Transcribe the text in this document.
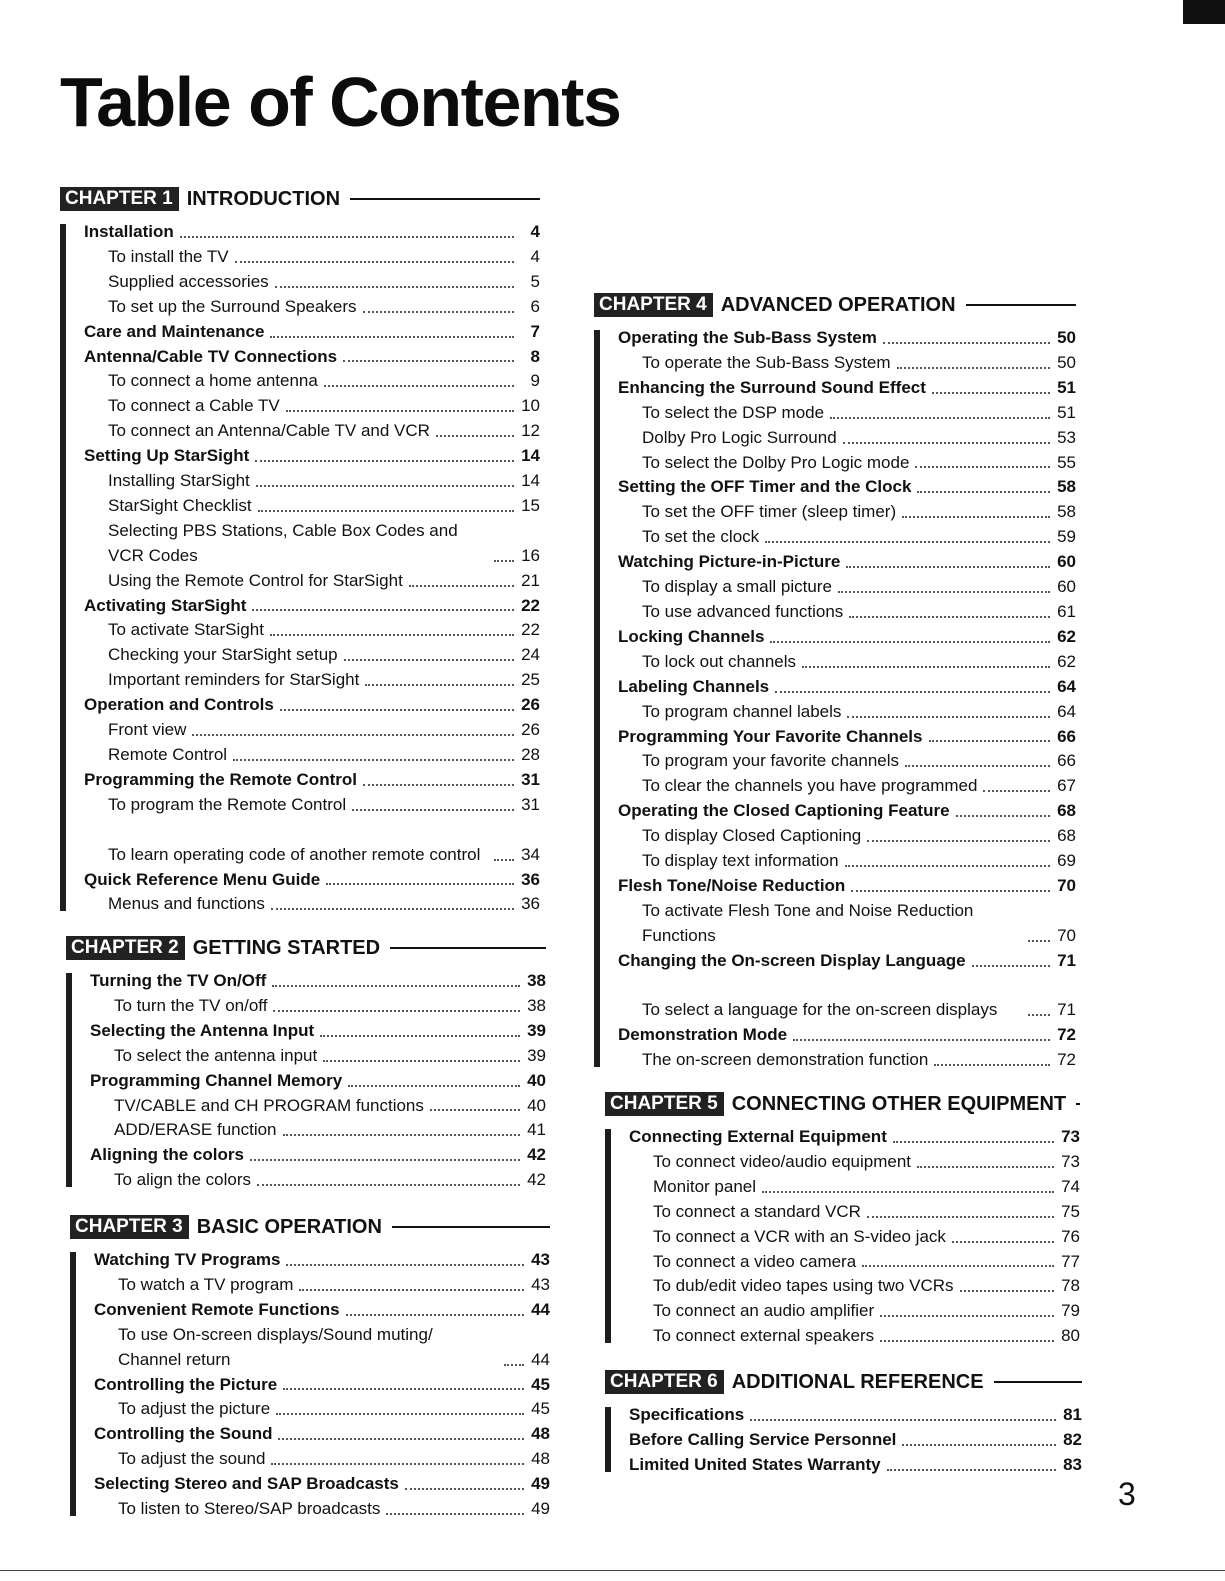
Table of Contents
CHAPTER 1 INTRODUCTION
Installation	4
To install the TV	4
Supplied accessories	5
To set up the Surround Speakers	6
Care and Maintenance	7
Antenna/Cable TV Connections	8
To connect a home antenna	9
To connect a Cable TV	10
To connect an Antenna/Cable TV and VCR	12
Setting Up StarSight	14
Installing StarSight	14
StarSight Checklist	15
Selecting PBS Stations, Cable Box Codes and VCR Codes	16
Using the Remote Control for StarSight	21
Activating StarSight	22
To activate StarSight	22
Checking your StarSight setup	24
Important reminders for StarSight	25
Operation and Controls	26
Front view	26
Remote Control	28
Programming the Remote Control	31
To program the Remote Control	31
To learn operating code of another remote control	34
Quick Reference Menu Guide	36
Menus and functions	36
CHAPTER 2 GETTING STARTED
Turning the TV On/Off	38
To turn the TV on/off	38
Selecting the Antenna Input	39
To select the antenna input	39
Programming Channel Memory	40
TV/CABLE and CH PROGRAM functions	40
ADD/ERASE function	41
Aligning the colors	42
To align the colors	42
CHAPTER 3 BASIC OPERATION
Watching TV Programs	43
To watch a TV program	43
Convenient Remote Functions	44
To use On-screen displays/Sound muting/ Channel return	44
Controlling the Picture	45
To adjust the picture	45
Controlling the Sound	48
To adjust the sound	48
Selecting Stereo and SAP Broadcasts	49
To listen to Stereo/SAP broadcasts	49
CHAPTER 4 ADVANCED OPERATION
Operating the Sub-Bass System	50
To operate the Sub-Bass System	50
Enhancing the Surround Sound Effect	51
To select the DSP mode	51
Dolby Pro Logic Surround	53
To select the Dolby Pro Logic mode	55
Setting the OFF Timer and the Clock	58
To set the OFF timer (sleep timer)	58
To set the clock	59
Watching Picture-in-Picture	60
To display a small picture	60
To use advanced functions	61
Locking Channels	62
To lock out channels	62
Labeling Channels	64
To program channel labels	64
Programming Your Favorite Channels	66
To program your favorite channels	66
To clear the channels you have programmed	67
Operating the Closed Captioning Feature	68
To display Closed Captioning	68
To display text information	69
Flesh Tone/Noise Reduction	70
To activate Flesh Tone and Noise Reduction Functions	70
Changing the On-screen Display Language	71
To select a language for the on-screen displays	71
Demonstration Mode	72
The on-screen demonstration function	72
CHAPTER 5 CONNECTING OTHER EQUIPMENT
Connecting External Equipment	73
To connect video/audio equipment	73
Monitor panel	74
To connect a standard VCR	75
To connect a VCR with an S-video jack	76
To connect a video camera	77
To dub/edit video tapes using two VCRs	78
To connect an audio amplifier	79
To connect external speakers	80
CHAPTER 6 ADDITIONAL REFERENCE
Specifications	81
Before Calling Service Personnel	82
Limited United States Warranty	83
3
